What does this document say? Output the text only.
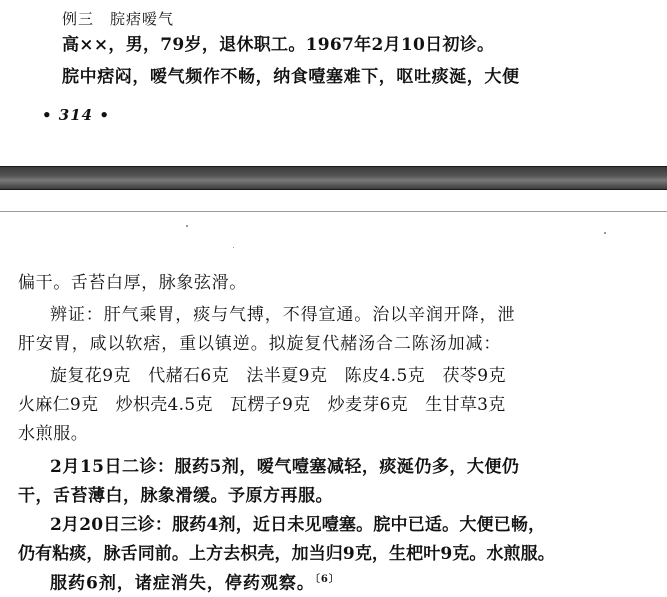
例三　脘痞嗳气
高××，男，79岁，退休职工。1967年2月10日初诊。
脘中痞闷，嗳气频作不畅，纳食噎塞难下，呕吐痰涎，大便
• 314 •
偏干。舌苔白厚，脉象弦滑。
辨证：肝气乘胃，痰与气搏，不得宣通。治以辛润开降，泄
肝安胃，咸以软痞，重以镇逆。拟旋复代赭汤合二陈汤加减：
旋复花9克　代赭石6克　法半夏9克　陈皮4.5克　茯苓9克
火麻仁9克　炒枳壳4.5克　瓦楞子9克　炒麦芽6克　生甘草3克
水煎服。
2月15日二诊：服药5剂，嗳气噎塞减轻，痰涎仍多，大便仍
干，舌苔薄白，脉象滑缓。予原方再服。
2月20日三诊：服药4剂，近日未见噎塞。脘中已适。大便已畅，
仍有粘痰，脉舌同前。上方去枳壳，加当归9克，生杷叶9克。水煎服。
服药6剂，诸症消失，停药观察。$^{〔6〕}$
